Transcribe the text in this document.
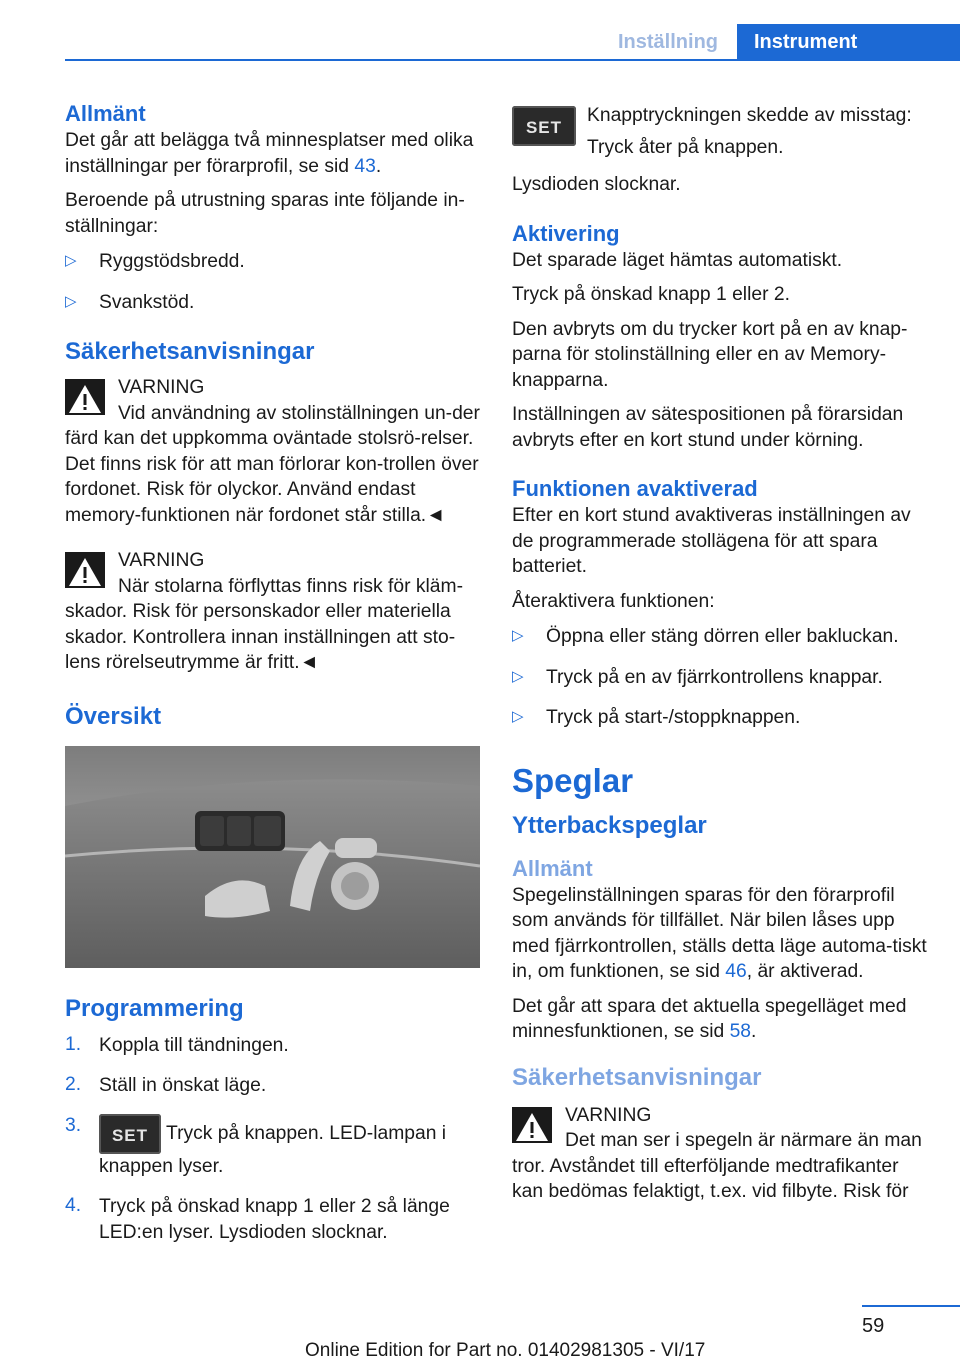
Inställning	Instrument
Allmänt

Det går att belägga två minnesplatser med olika inställningar per förarprofil, se sid 43.

Beroende på utrustning sparas inte följande in-ställningar:

▷ Ryggstödsbredd.
▷ Svankstöd.
Säkerhetsanvisningar
VARNING
Vid användning av stolinställningen un-der färd kan det uppkomma oväntade stolsrö-relser. Det finns risk för att man förlorar kon-trollen över fordonet. Risk för olyckor. Använd endast memory-funktionen när fordonet står stilla.◄
VARNING
När stolarna förflyttas finns risk för kläm-skador. Risk för personskador eller materiella skador. Kontrollera innan inställningen att sto-lens rörelseutrymme är fritt.◄
Översikt
Programmering
1. Koppla till tändningen.
2. Ställ in önskat läge.
3.	SET Tryck på knappen. LED-lampan i knappen lyser.
4. Tryck på önskad knapp 1 eller 2 så länge LED:en lyser. Lysdioden slocknar.
SET
Knapptryckningen skedde av misstag: Tryck åter på knappen.

Lysdioden slocknar.

Aktivering

Det sparade läget hämtas automatiskt.

Tryck på önskad knapp 1 eller 2.

Den avbryts om du trycker kort på en av knap-parna för stolinställning eller en av Memory-knapparna.

Inställningen av sätespositionen på förarsidan avbryts efter en kort stund under körning.

Funktionen avaktiverad

Efter en kort stund avaktiveras inställningen av de programmerade stollägena för att spara batteriet.

Återaktivera funktionen:

▷ Öppna eller stäng dörren eller bakluckan.
▷ Tryck på en av fjärrkontrollens knappar.
▷ Tryck på start-/stoppknappen.
Speglar
Ytterbackspeglar
Allmänt

Spegelinställningen sparas för den förarprofil som används för tillfället. När bilen låses upp med fjärrkontrollen, ställs detta läge automa-tiskt in, om funktionen, se sid 46, är aktiverad.

Det går att spara det aktuella spegelläget med minnesfunktionen, se sid 58.

Säkerhetsanvisningar
VARNING
Det man ser i spegeln är närmare än man tror. Avståndet till efterföljande medtrafikanter kan bedömas felaktigt, t.ex. vid filbyte. Risk för
59
Online Edition for Part no. 01402981305 - VI/17
